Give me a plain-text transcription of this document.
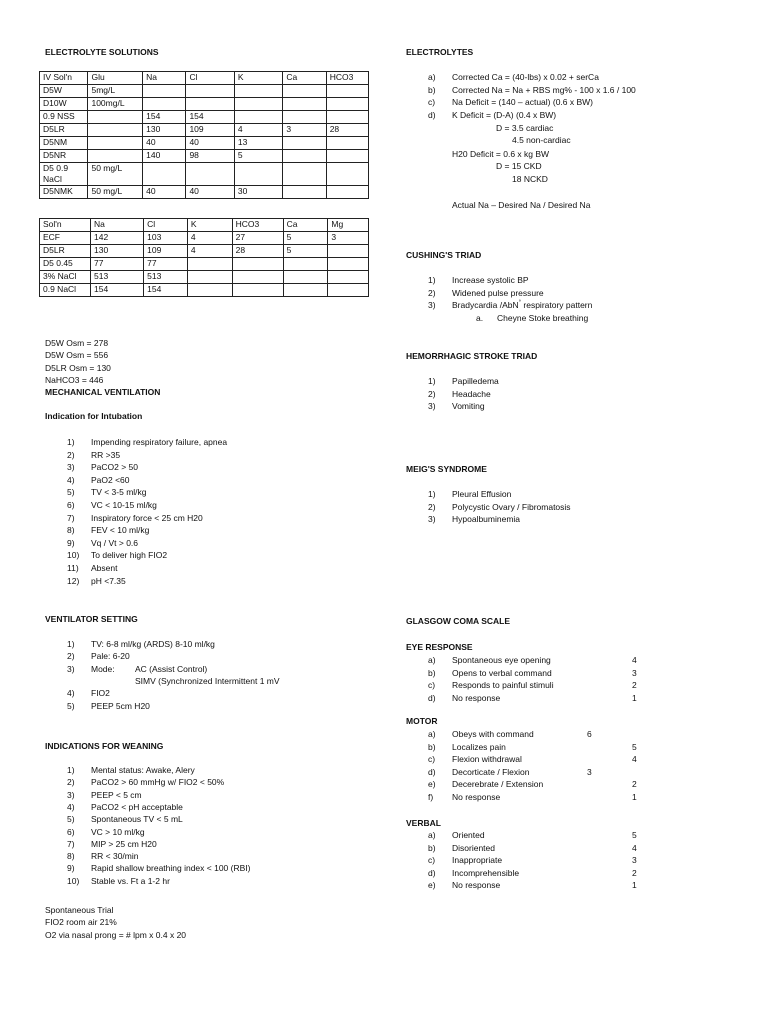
ELECTROLYTE SOLUTIONS
IV Sol'n	Glu	Na	Cl	K	Ca	HCO3
D5W	5mg/L					
D10W	100mg/L					
0.9 NSS		154	154			
D5LR		130	109	4	3	28
D5NM		40	40	13		
D5NR		140	98	5		
D5 0.9
NaCl	50 mg/L					
D5NMK	50 mg/L	40	40	30		
Sol'n	Na	Cl	K	HCO3	Ca	Mg
ECF	142	103	4	27	5	3
D5LR	130	109	4	28	5	
D5 0.45	77	77				
3% NaCl	513	513				
0.9 NaCl	154	154				
D5W Osm = 278
D5W Osm = 556
D5LR Osm = 130
NaHCO3 = 446
MECHANICAL VENTILATION
Indication for Intubation
1) Impending respiratory failure, apnea
2) RR >35
3) PaCO2 > 50
4) PaO2 <60
5) TV < 3-5 ml/kg
6) VC < 10-15 ml/kg
7) Inspiratory force < 25 cm H20
8) FEV < 10 ml/kg
9) Vq / Vt > 0.6
10) To deliver high FIO2
11) Absent
12) pH <7.35
VENTILATOR SETTING
1) TV: 6-8 ml/kg (ARDS) 8-10 ml/kg
2) Pale: 6-20
3) Mode: AC (Assist Control)
SIMV (Synchronized Intermittent 1 mV
4) FIO2
5) PEEP 5cm H20
INDICATIONS FOR WEANING
1) Mental status: Awake, Alery
2) PaCO2 > 60 mmHg w/ FIO2 < 50%
3) PEEP < 5 cm
4) PaCO2 < pH acceptable
5) Spontaneous TV < 5 mL
6) VC > 10 ml/kg
7) MIP > 25 cm H20
8) RR < 30/min
9) Rapid shallow breathing index < 100 (RBI)
10) Stable vs. Ft a 1-2 hr
Spontaneous Trial
FIO2 room air 21%
O2 via nasal prong = # lpm x 0.4 x 20
ELECTROLYTES
a) Corrected Ca = (40-lbs) x 0.02 + serCa
b) Corrected Na = Na + RBS mg% - 100 x 1.6 / 100
c) Na Deficit = (140 – actual) (0.6 x BW)
d) K Deficit = (D-A) (0.4 x BW)
D = 3.5 cardiac
4.5 non-cardiac
H20 Deficit = 0.6 x kg BW
D = 15 CKD
18 NCKD
Actual Na – Desired Na / Desired Na
CUSHING'S TRIAD
1) Increase systolic BP
2) Widened pulse pressure
3) Bradycardia /AbN° respiratory pattern
a. Cheyne Stoke breathing
HEMORRHAGIC STROKE TRIAD
1) Papilledema
2) Headache
3) Vomiting
MEIG'S SYNDROME
1) Pleural Effusion
2) Polycystic Ovary / Fibromatosis
3) Hypoalbuminemia
GLASGOW COMA SCALE
EYE RESPONSE
a) Spontaneous eye opening	4
b) Opens to verbal command	3
c) Responds to painful stimuli	2
d) No response	1
MOTOR
a) Obeys with command	6
b) Localizes pain	5
c) Flexion withdrawal	4
d) Decorticate / Flexion	3
e) Decerebrate / Extension	2
f) No response	1
VERBAL
a) Oriented	5
b) Disoriented	4
c) Inappropriate	3
d) Incomprehensible	2
e) No response	1
